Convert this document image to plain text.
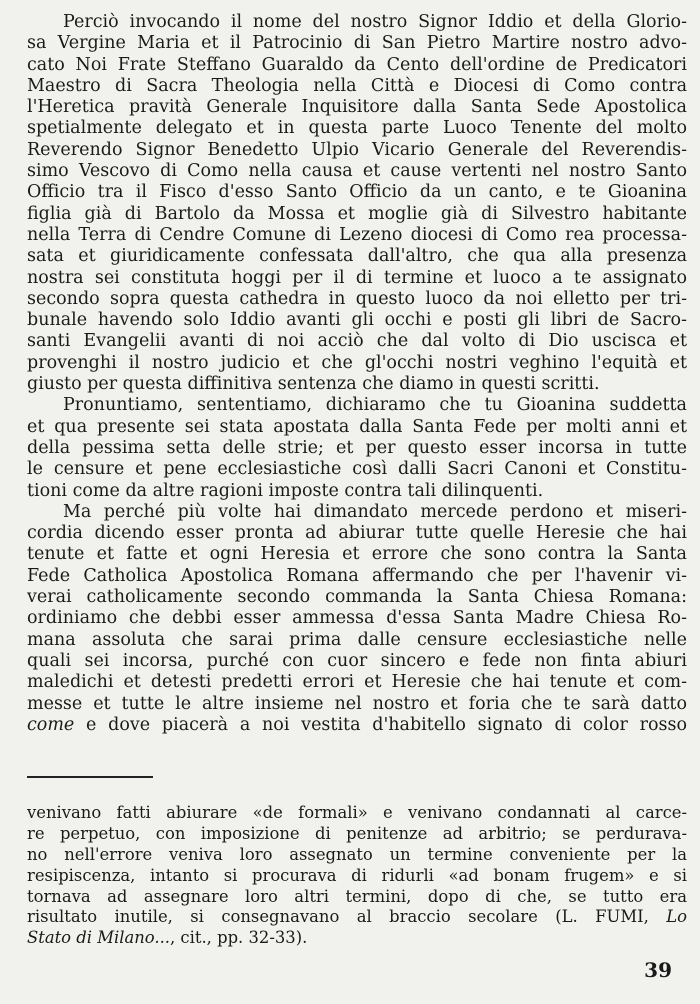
Perciò invocando il nome del nostro Signor Iddio et della Glorio-
sa Vergine Maria et il Patrocinio di San Pietro Martire nostro advo-
cato Noi Frate Steffano Guaraldo da Cento dell'ordine de Predicatori
Maestro di Sacra Theologia nella Città e Diocesi di Como contra
l'Heretica pravità Generale Inquisitore dalla Santa Sede Apostolica
spetialmente delegato et in questa parte Luoco Tenente del molto
Reverendo Signor Benedetto Ulpio Vicario Generale del Reverendis-
simo Vescovo di Como nella causa et cause vertenti nel nostro Santo
Officio tra il Fisco d'esso Santo Officio da un canto, e te Gioanina
figlia già di Bartolo da Mossa et moglie già di Silvestro habitante
nella Terra di Cendre Comune di Lezeno diocesi di Como rea processa-
sata et giuridicamente confessata dall'altro, che qua alla presenza
nostra sei constituta hoggi per il di termine et luoco a te assignato
secondo sopra questa cathedra in questo luoco da noi elletto per tri-
bunale havendo solo Iddio avanti gli occhi e posti gli libri de Sacro-
santi Evangelii avanti di noi acciò che dal volto di Dio uscisca et
provenghi il nostro judicio et che gl'occhi nostri veghino l'equità et
giusto per questa diffinitiva sentenza che diamo in questi scritti.
Pronuntiamo, sententiamo, dichiaramo che tu Gioanina suddetta
et qua presente sei stata apostata dalla Santa Fede per molti anni et
della pessima setta delle strie; et per questo esser incorsa in tutte
le censure et pene ecclesiastiche così dalli Sacri Canoni et Constitu-
tioni come da altre ragioni imposte contra tali dilinquenti.
Ma perché più volte hai dimandato mercede perdono et miseri-
cordia dicendo esser pronta ad abiurar tutte quelle Heresie che hai
tenute et fatte et ogni Heresia et errore che sono contra la Santa
Fede Catholica Apostolica Romana affermando che per l'havenir vi-
verai catholicamente secondo commanda la Santa Chiesa Romana:
ordiniamo che debbi esser ammessa d'essa Santa Madre Chiesa Ro-
mana assoluta che sarai prima dalle censure ecclesiastiche nelle
quali sei incorsa, purché con cuor sincero e fede non finta abiuri
maledichi et detesti predetti errori et Heresie che hai tenute et com-
messe et tutte le altre insieme nel nostro et foria che te sarà datto
come e dove piacerà a noi vestita d'habitello signato di color rosso
venivano fatti abiurare «de formali» e venivano condannati al carce-
re perpetuo, con imposizione di penitenze ad arbitrio; se perdurava-
no nell'errore veniva loro assegnato un termine conveniente per la
resipiscenza, intanto si procurava di ridurli «ad bonam frugem» e si
tornava ad assegnare loro altri termini, dopo di che, se tutto era
risultato inutile, si consegnavano al braccio secolare (L. FUMI, Lo
Stato di Milano..., cit., pp. 32-33).
39
